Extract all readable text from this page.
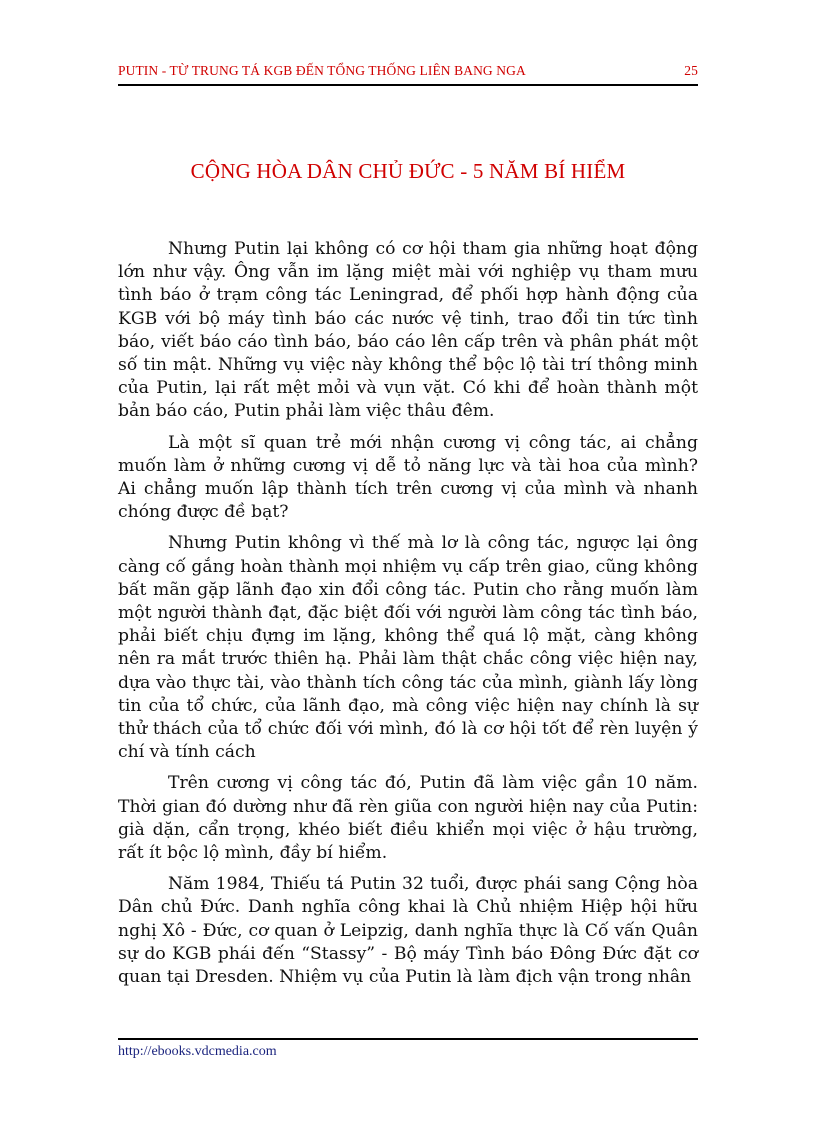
PUTIN - TỪ TRUNG TÁ KGB ĐẾN TỔNG THỐNG LIÊN BANG NGA	25
CỘNG HÒA DÂN CHỦ ĐỨC - 5 NĂM BÍ HIỂM

Nhưng Putin lại không có cơ hội tham gia những hoạt động lớn như vậy. Ông vẫn im lặng miệt mài với nghiệp vụ tham mưu tình báo ở trạm công tác Leningrad, để phối hợp hành động của KGB với bộ máy tình báo các nước vệ tinh, trao đổi tin tức tình báo, viết báo cáo tình báo, báo cáo lên cấp trên và phân phát một số tin mật. Những vụ việc này không thể bộc lộ tài trí thông minh của Putin, lại rất mệt mỏi và vụn vặt. Có khi để hoàn thành một bản báo cáo, Putin phải làm việc thâu đêm.

Là một sĩ quan trẻ mới nhận cương vị công tác, ai chẳng muốn làm ở những cương vị dễ tỏ năng lực và tài hoa của mình? Ai chẳng muốn lập thành tích trên cương vị của mình và nhanh chóng được đề bạt?

Nhưng Putin không vì thế mà lơ là công tác, ngược lại ông càng cố gắng hoàn thành mọi nhiệm vụ cấp trên giao, cũng không bất mãn gặp lãnh đạo xin đổi công tác. Putin cho rằng muốn làm một người thành đạt, đặc biệt đối với người làm công tác tình báo, phải biết chịu đựng im lặng, không thể quá lộ mặt, càng không nên ra mắt trước thiên hạ. Phải làm thật chắc công việc hiện nay, dựa vào thực tài, vào thành tích công tác của mình, giành lấy lòng tin của tổ chức, của lãnh đạo, mà công việc hiện nay chính là sự thử thách của tổ chức đối với mình, đó là cơ hội tốt để rèn luyện ý chí và tính cách

Trên cương vị công tác đó, Putin đã làm việc gần 10 năm. Thời gian đó dường như đã rèn giũa con người hiện nay của Putin: già dặn, cẩn trọng, khéo biết điều khiển mọi việc ở hậu trường, rất ít bộc lộ mình, đầy bí hiểm.

Năm 1984, Thiếu tá Putin 32 tuổi, được phái sang Cộng hòa Dân chủ Đức. Danh nghĩa công khai là Chủ nhiệm Hiệp hội hữu nghị Xô - Đức, cơ quan ở Leipzig, danh nghĩa thực là Cố vấn Quân sự do KGB phái đến “Stassy” - Bộ máy Tình báo Đông Đức đặt cơ quan tại Dresden. Nhiệm vụ của Putin là làm địch vận trong nhân

http://ebooks.vdcmedia.com
